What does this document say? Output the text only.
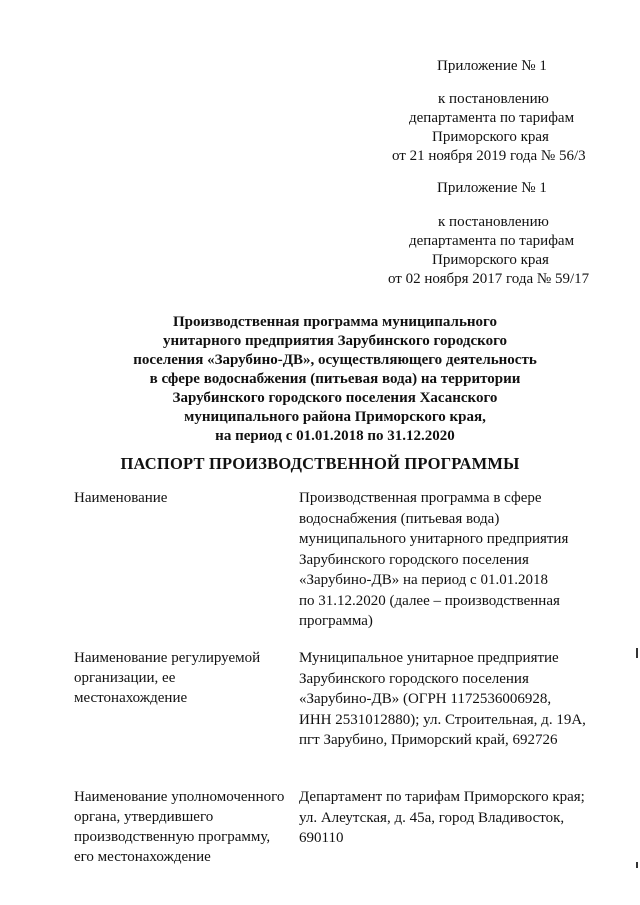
Приложение № 1
к постановлению
департамента по тарифам
Приморского края
от 21 ноября 2019 года № 56/3
Приложение № 1
к постановлению
департамента по тарифам
Приморского края
от 02 ноября 2017 года № 59/17
Производственная программа муниципального
унитарного предприятия Зарубинского городского
поселения «Зарубино-ДВ», осуществляющего деятельность
в сфере водоснабжения (питьевая вода) на территории
Зарубинского городского поселения Хасанского
муниципального района Приморского края,
на период с 01.01.2018 по 31.12.2020
ПАСПОРТ ПРОИЗВОДСТВЕННОЙ ПРОГРАММЫ
Наименование	Производственная программа в сфере
водоснабжения (питьевая вода)
муниципального унитарного предприятия
Зарубинского городского поселения
«Зарубино-ДВ» на период с 01.01.2018
по 31.12.2020 (далее – производственная
программа)
Наименование регулируемой
организации, ее
местонахождение
Муниципальное унитарное предприятие
Зарубинского городского поселения
«Зарубино-ДВ» (ОГРН 1172536006928,
ИНН 2531012880); ул. Строительная, д. 19А,
пгт Зарубино, Приморский край, 692726
Наименование уполномоченного
органа, утвердившего
производственную программу,
его местонахождение
Департамент по тарифам Приморского края;
ул. Алеутская, д. 45а, город Владивосток,
690110
